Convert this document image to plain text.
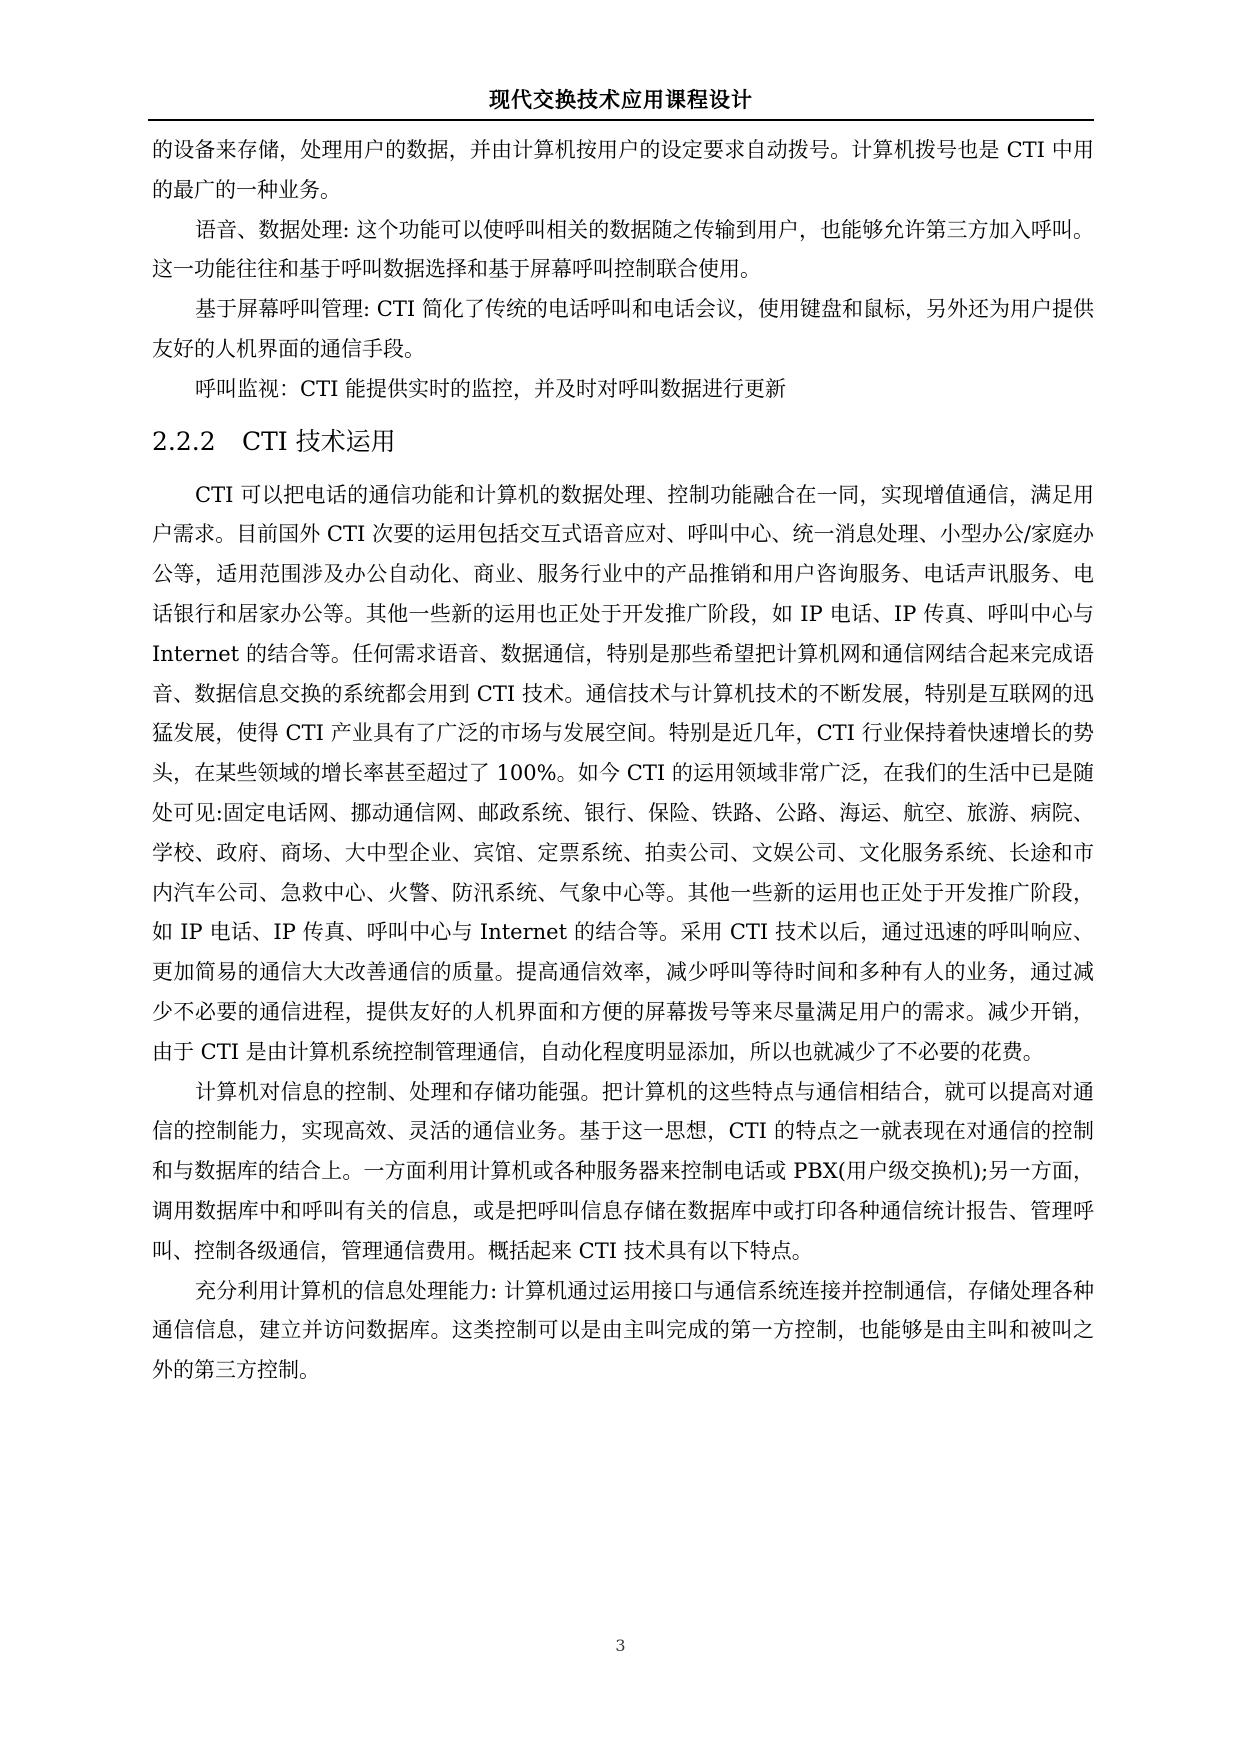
现代交换技术应用课程设计

的设备来存储，处理用户的数据，并由计算机按用户的设定要求自动拨号。计算机拨号也是 CTI 中用的最广的一种业务。

语音、数据处理: 这个功能可以使呼叫相关的数据随之传输到用户，也能够允许第三方加入呼叫。这一功能往往和基于呼叫数据选择和基于屏幕呼叫控制联合使用。

基于屏幕呼叫管理: CTI 简化了传统的电话呼叫和电话会议，使用键盘和鼠标，另外还为用户提供友好的人机界面的通信手段。

呼叫监视：CTI 能提供实时的监控，并及时对呼叫数据进行更新

2.2.2 CTI 技术运用

CTI 可以把电话的通信功能和计算机的数据处理、控制功能融合在一同，实现增值通信，满足用户需求。目前国外 CTI 次要的运用包括交互式语音应对、呼叫中心、统一消息处理、小型办公/家庭办公等，适用范围涉及办公自动化、商业、服务行业中的产品推销和用户咨询服务、电话声讯服务、电话银行和居家办公等。其他一些新的运用也正处于开发推广阶段，如 IP 电话、IP 传真、呼叫中心与 Internet 的结合等。任何需求语音、数据通信，特别是那些希望把计算机网和通信网结合起来完成语音、数据信息交换的系统都会用到 CTI 技术。通信技术与计算机技术的不断发展，特别是互联网的迅猛发展，使得 CTI 产业具有了广泛的市场与发展空间。特别是近几年，CTI 行业保持着快速增长的势头，在某些领域的增长率甚至超过了 100%。如今 CTI 的运用领域非常广泛，在我们的生活中已是随处可见:固定电话网、挪动通信网、邮政系统、银行、保险、铁路、公路、海运、航空、旅游、病院、学校、政府、商场、大中型企业、宾馆、定票系统、拍卖公司、文娱公司、文化服务系统、长途和市内汽车公司、急救中心、火警、防汛系统、气象中心等。其他一些新的运用也正处于开发推广阶段，如 IP 电话、IP 传真、呼叫中心与 Internet 的结合等。采用 CTI 技术以后，通过迅速的呼叫响应、更加简易的通信大大改善通信的质量。提高通信效率，减少呼叫等待时间和多种有人的业务，通过减少不必要的通信进程，提供友好的人机界面和方便的屏幕拨号等来尽量满足用户的需求。减少开销，由于 CTI 是由计算机系统控制管理通信，自动化程度明显添加，所以也就减少了不必要的花费。

计算机对信息的控制、处理和存储功能强。把计算机的这些特点与通信相结合，就可以提高对通信的控制能力，实现高效、灵活的通信业务。基于这一思想，CTI 的特点之一就表现在对通信的控制和与数据库的结合上。一方面利用计算机或各种服务器来控制电话或 PBX(用户级交换机);另一方面，调用数据库中和呼叫有关的信息，或是把呼叫信息存储在数据库中或打印各种通信统计报告、管理呼叫、控制各级通信，管理通信费用。概括起来 CTI 技术具有以下特点。

充分利用计算机的信息处理能力: 计算机通过运用接口与通信系统连接并控制通信，存储处理各种通信信息，建立并访问数据库。这类控制可以是由主叫完成的第一方控制，也能够是由主叫和被叫之外的第三方控制。

3
